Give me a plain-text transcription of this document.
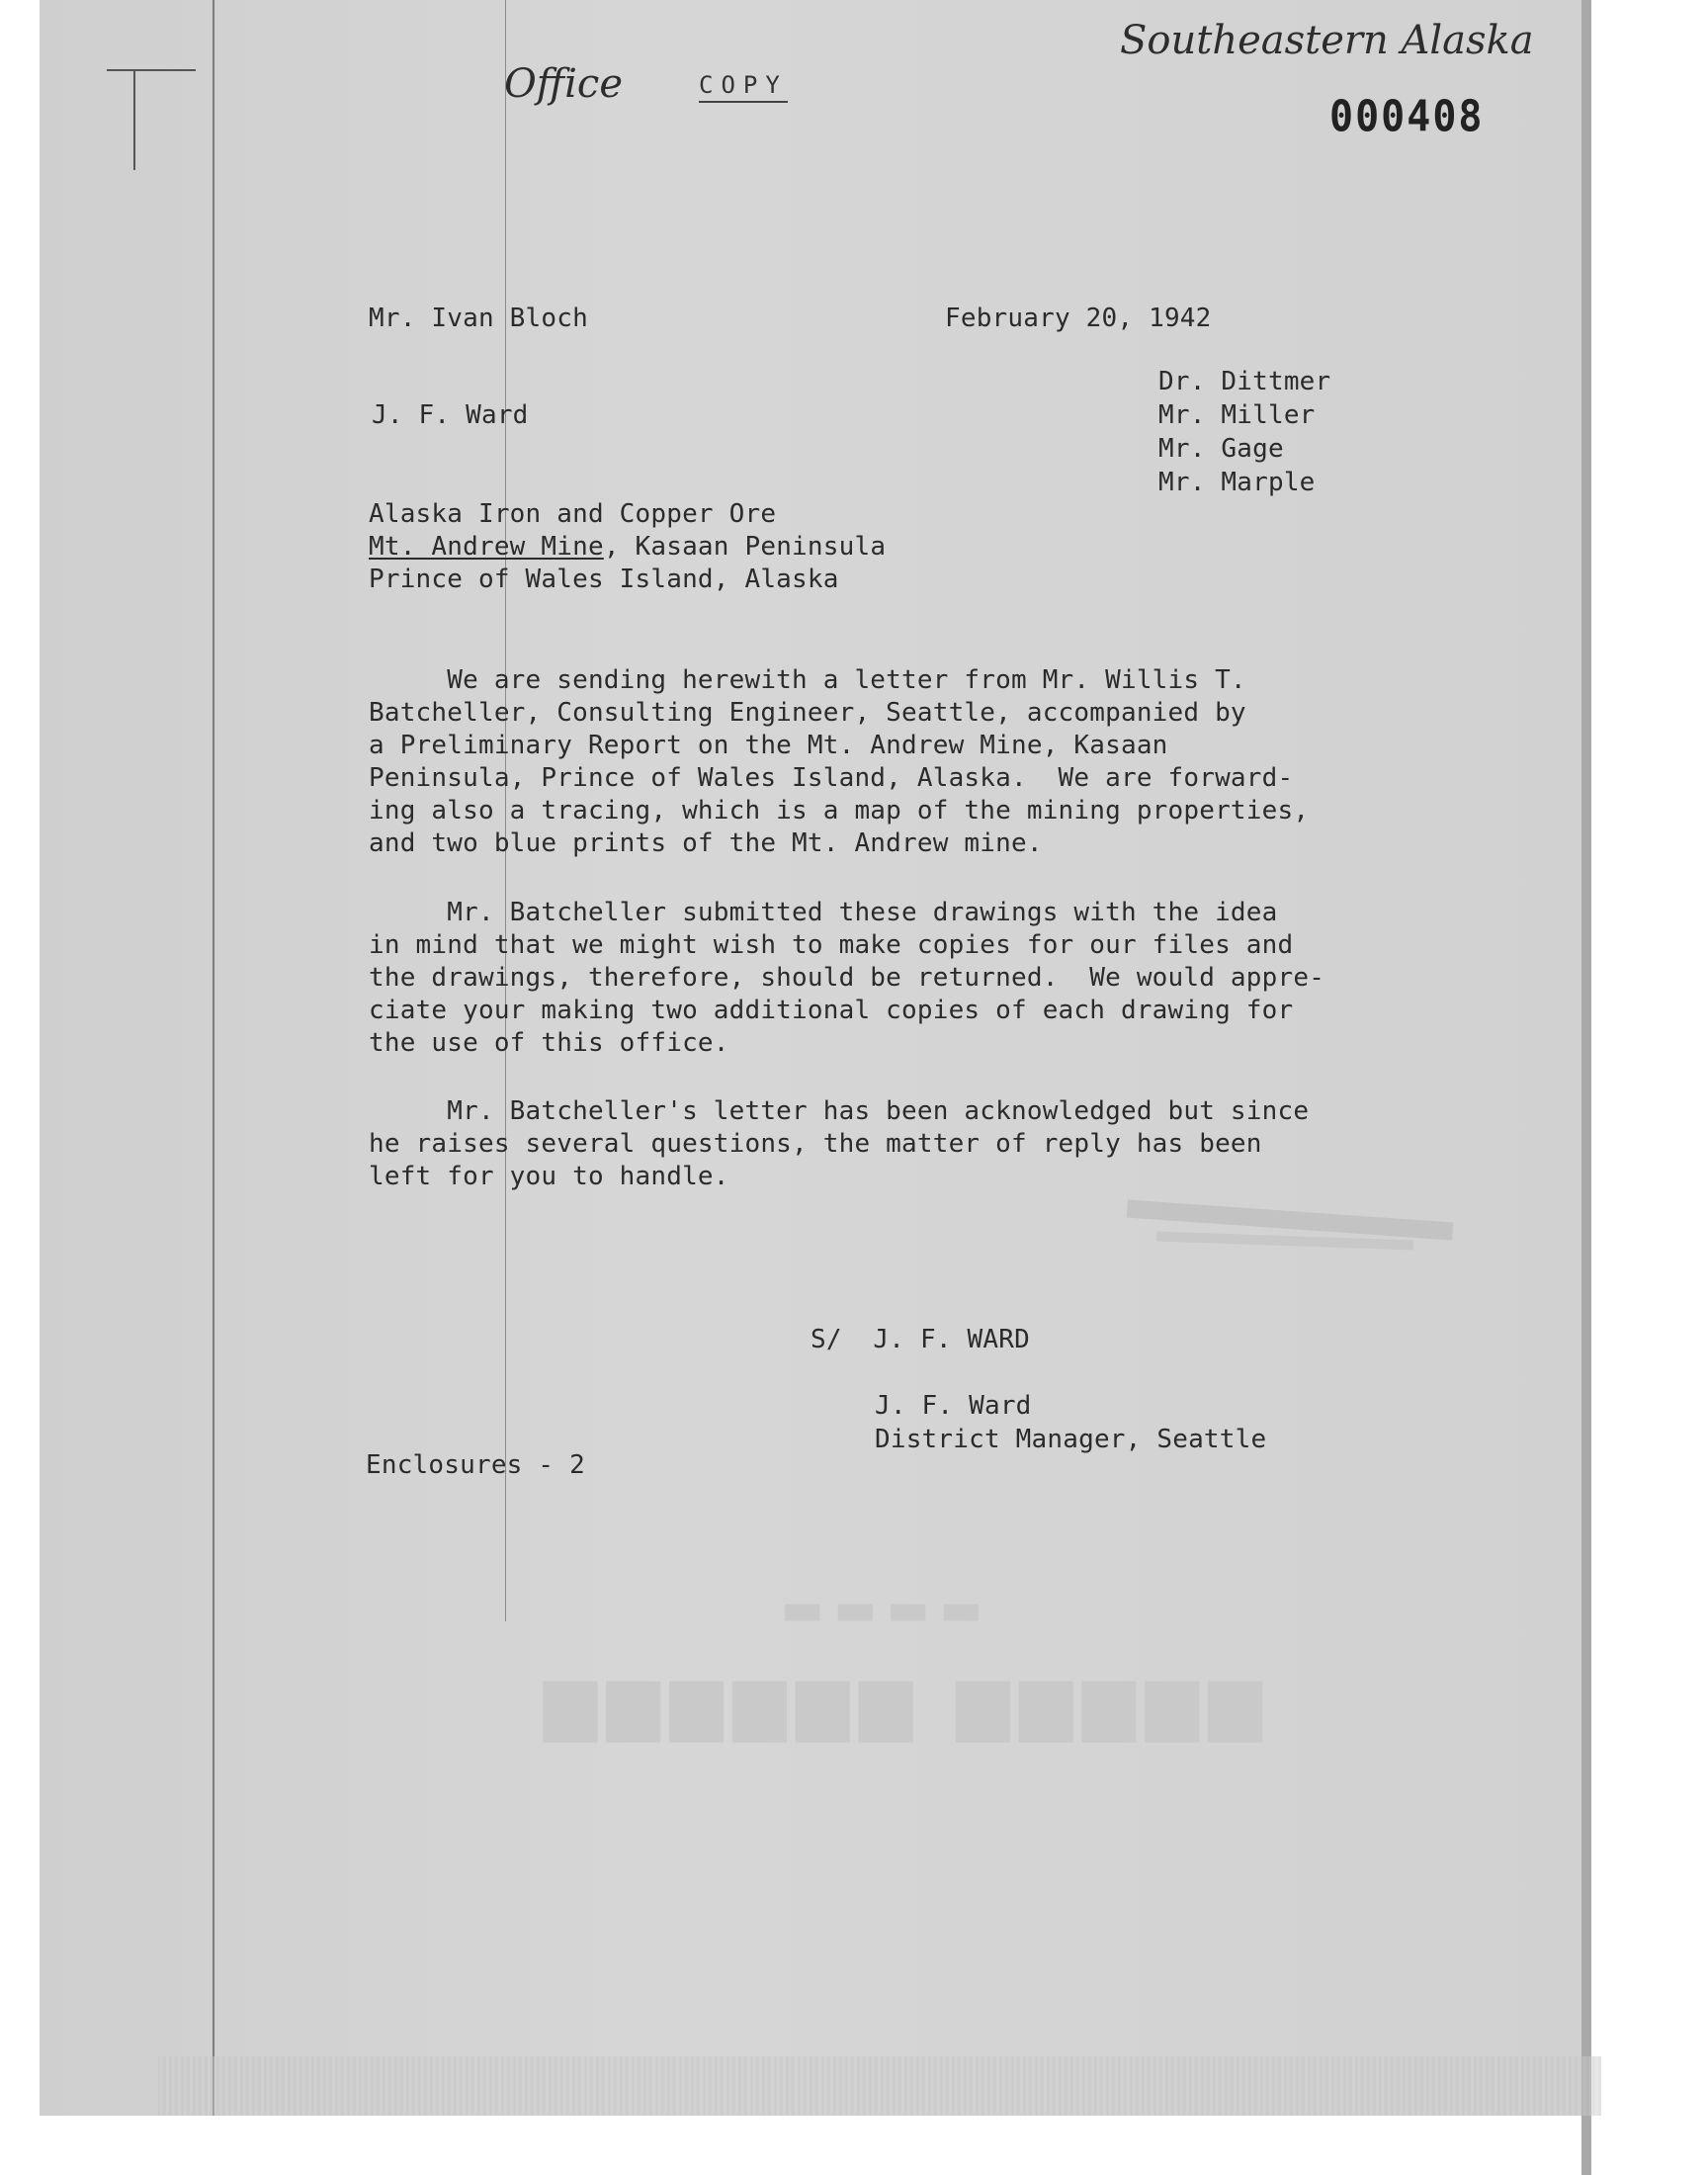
Office	COPY
Southeastern Alaska
000408
Mr. Ivan Bloch	February 20, 1942
J. F. Ward
Dr. Dittmer
Mr. Miller
Mr. Gage
Mr. Marple
Alaska Iron and Copper Ore
Mt. Andrew Mine, Kasaan Peninsula
Prince of Wales Island, Alaska
We are sending herewith a letter from Mr. Willis T.
Batcheller, Consulting Engineer, Seattle, accompanied by
a Preliminary Report on the Mt. Andrew Mine, Kasaan
Peninsula, Prince of Wales Island, Alaska.  We are forward-
ing also a tracing, which is a map of the mining properties,
and two blue prints of the Mt. Andrew mine.
Mr. Batcheller submitted these drawings with the idea
in mind that we might wish to make copies for our files and
the drawings, therefore, should be returned.  We would appre-
ciate your making two additional copies of each drawing for
the use of this office.
Mr. Batcheller's letter has been acknowledged but since
he raises several questions, the matter of reply has been
left for you to handle.
S/  J. F. WARD
J. F. Ward
District Manager, Seattle
Enclosures - 2
▬▬▬▬
▆▆▆▆▆ ▆▆▆▆▆▆
